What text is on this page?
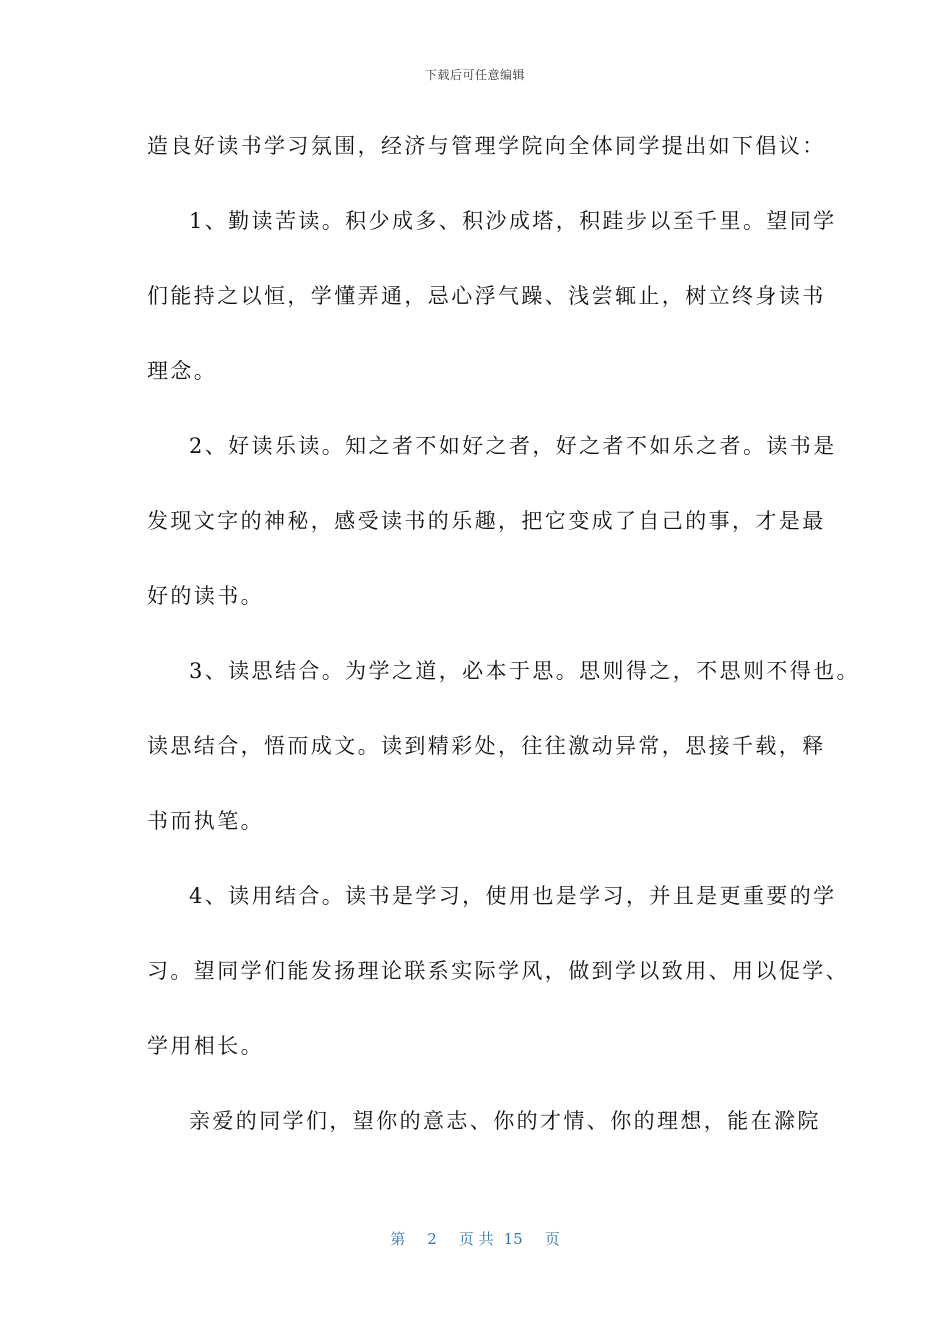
下载后可任意编辑
造良好读书学习氛围，经济与管理学院向全体同学提出如下倡议：
1、勤读苦读。积少成多、积沙成塔，积跬步以至千里。望同学
们能持之以恒，学懂弄通，忌心浮气躁、浅尝辄止，树立终身读书
理念。
2、好读乐读。知之者不如好之者，好之者不如乐之者。读书是
发现文字的神秘，感受读书的乐趣，把它变成了自己的事，才是最
好的读书。
3、读思结合。为学之道，必本于思。思则得之，不思则不得也。
读思结合，悟而成文。读到精彩处，往往激动异常，思接千载，释
书而执笔。
4、读用结合。读书是学习，使用也是学习，并且是更重要的学
习。望同学们能发扬理论联系实际学风，做到学以致用、用以促学、
学用相长。
亲爱的同学们，望你的意志、你的才情、你的理想，能在滁院
第 2 页 共 15 页
